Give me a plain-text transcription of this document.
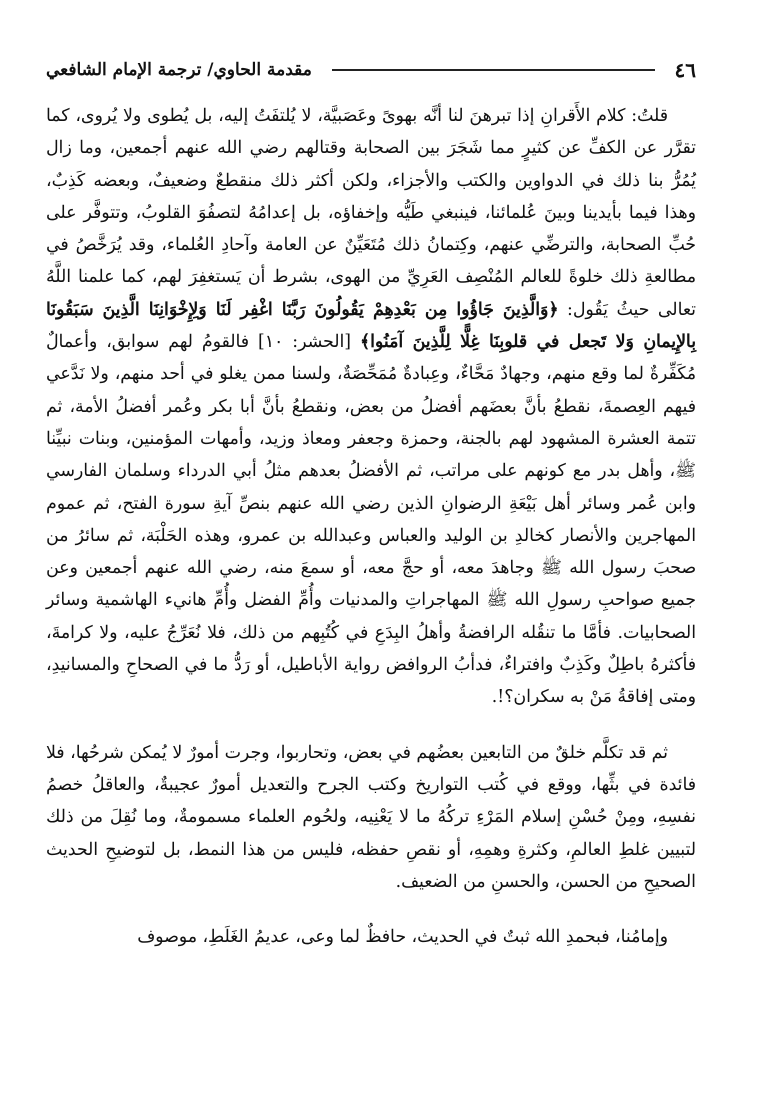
٤٦
مقدمة الحاوي/ ترجمة الإمام الشافعي

قلتُ: كلام الأَقرانِ إذا تبرهنَ لنا أنَّه بهوىً وعَصَبيَّة، لا يُلتفَتُ إليه، بل يُطوى ولا يُروى، كما تقرَّر عن الكفِّ عن كثيرٍ مما شَجَرَ بين الصحابة وقتالهم رضي الله عنهم أجمعين، وما زال يُمُرُّ بنا ذلك في الدواوين والكتب والأجزاء، ولكن أكثر ذلك منقطعٌ وضعيفٌ، وبعضه كَذِبٌ، وهذا فيما بأيدينا وبينَ عُلمائنا، فينبغي طَيُّه وإخفاؤه، بل إعدامُهُ لتصفُوَ القلوبُ، وتتوفَّر على حُبِّ الصحابة، والترضِّي عنهم، وكِتمانُ ذلك مُتَعَيِّنٌ عن العامة وآحادِ العُلماء، وقد يُرَخَّصُ في مطالعةِ ذلك خلوةً للعالم المُنْصِف العَرِيِّ من الهوى، بشرط أن يَستغفِرَ لهم، كما علمنا اللَّهُ تعالى حيثُ يَقُول: ﴿وَالَّذِينَ جَاؤُوا مِن بَعْدِهِمْ يَقُولُونَ رَبَّنَا اغْفِر لَنَا وَلِإِخْوَانِنَا الَّذِينَ سَبَقُونَا بِالإِيمانِ وَلا تَجعل في قلوبِنَا غِلًّا لِلَّذِينَ آمَنُوا﴾ [الحشر: ١٠] فالقومُ لهم سوابق، وأعمالٌ مُكَفِّرةٌ لما وقع منهم، وجهادٌ مَحَّاءٌ، وعِبادةٌ مُمَحِّصَةٌ، ولسنا ممن يغلو في أحد منهم، ولا نَدَّعي فيهم العِصمةَ، نقطعُ بأنَّ بعضَهم أفضلُ من بعض، ونقطعُ بأنَّ أبا بكر وعُمر أفضلُ الأمة، ثم تتمة العشرة المشهود لهم بالجنة، وحمزة وجعفر ومعاذ وزيد، وأمهات المؤمنين، وبنات نبيِّنا ﷺ، وأهل بدر مع كونهم على مراتب، ثم الأفضلُ بعدهم مثلُ أبي الدرداء وسلمان الفارسي وابن عُمر وسائر أهل بَيْعَةِ الرضوانِ الذين رضي الله عنهم بنصِّ آيةِ سورة الفتح، ثم عموم المهاجرين والأنصار كخالدِ بن الوليد والعباس وعبدالله بن عمرو، وهذه الحَلْبَة، ثم سائرُ من صحبَ رسول الله ﷺ وجاهدَ معه، أو حجَّ معه، أو سمعَ منه، رضي الله عنهم أجمعين وعن جميع صواحبِ رسولِ الله ﷺ المهاجراتِ والمدنيات وأُمِّ الفضل وأُمِّ هانيء الهاشمية وسائر الصحابيات. فأمَّا ما تنقُله الرافضةُ وأهلُ البِدَعِ في كُتُبِهم من ذلك، فلا نُعَرِّجُ عليه، ولا كرامةَ، فأكثرهُ باطِلٌ وكَذِبٌ وافتراءٌ، فدأبُ الروافض رواية الأباطيل، أو رَدُّ ما في الصحاحِ والمسانيدِ، ومتى إفاقةُ مَنْ به سكران؟!.

ثم قد تكلَّم خلقٌ من التابعين بعضُهم في بعض، وتحاربوا، وجرت أمورٌ لا يُمكن شرحُها، فلا فائدة في بثِّها، ووقع في كُتب التواريخ وكتب الجرح والتعديل أمورٌ عجيبةٌ، والعاقلُ خصمُ نفسِهِ، ومِنْ حُسْنِ إسلام المَرْءِ تركُهُ ما لا يَعْنِيه، ولحُوم العلماء مسمومةٌ، وما نُقِلَ من ذلك لتبيين غلطِ العالمِ، وكثرةِ وهمِهِ، أو نقصِ حفظه، فليس من هذا النمط، بل لتوضيحِ الحديث الصحيحِ من الحسن، والحسنِ من الضعيف.

وإمامُنا، فبحمدِ الله ثبتٌ في الحديث، حافظٌ لما وعى، عديمُ الغَلَطِ، موصوف
